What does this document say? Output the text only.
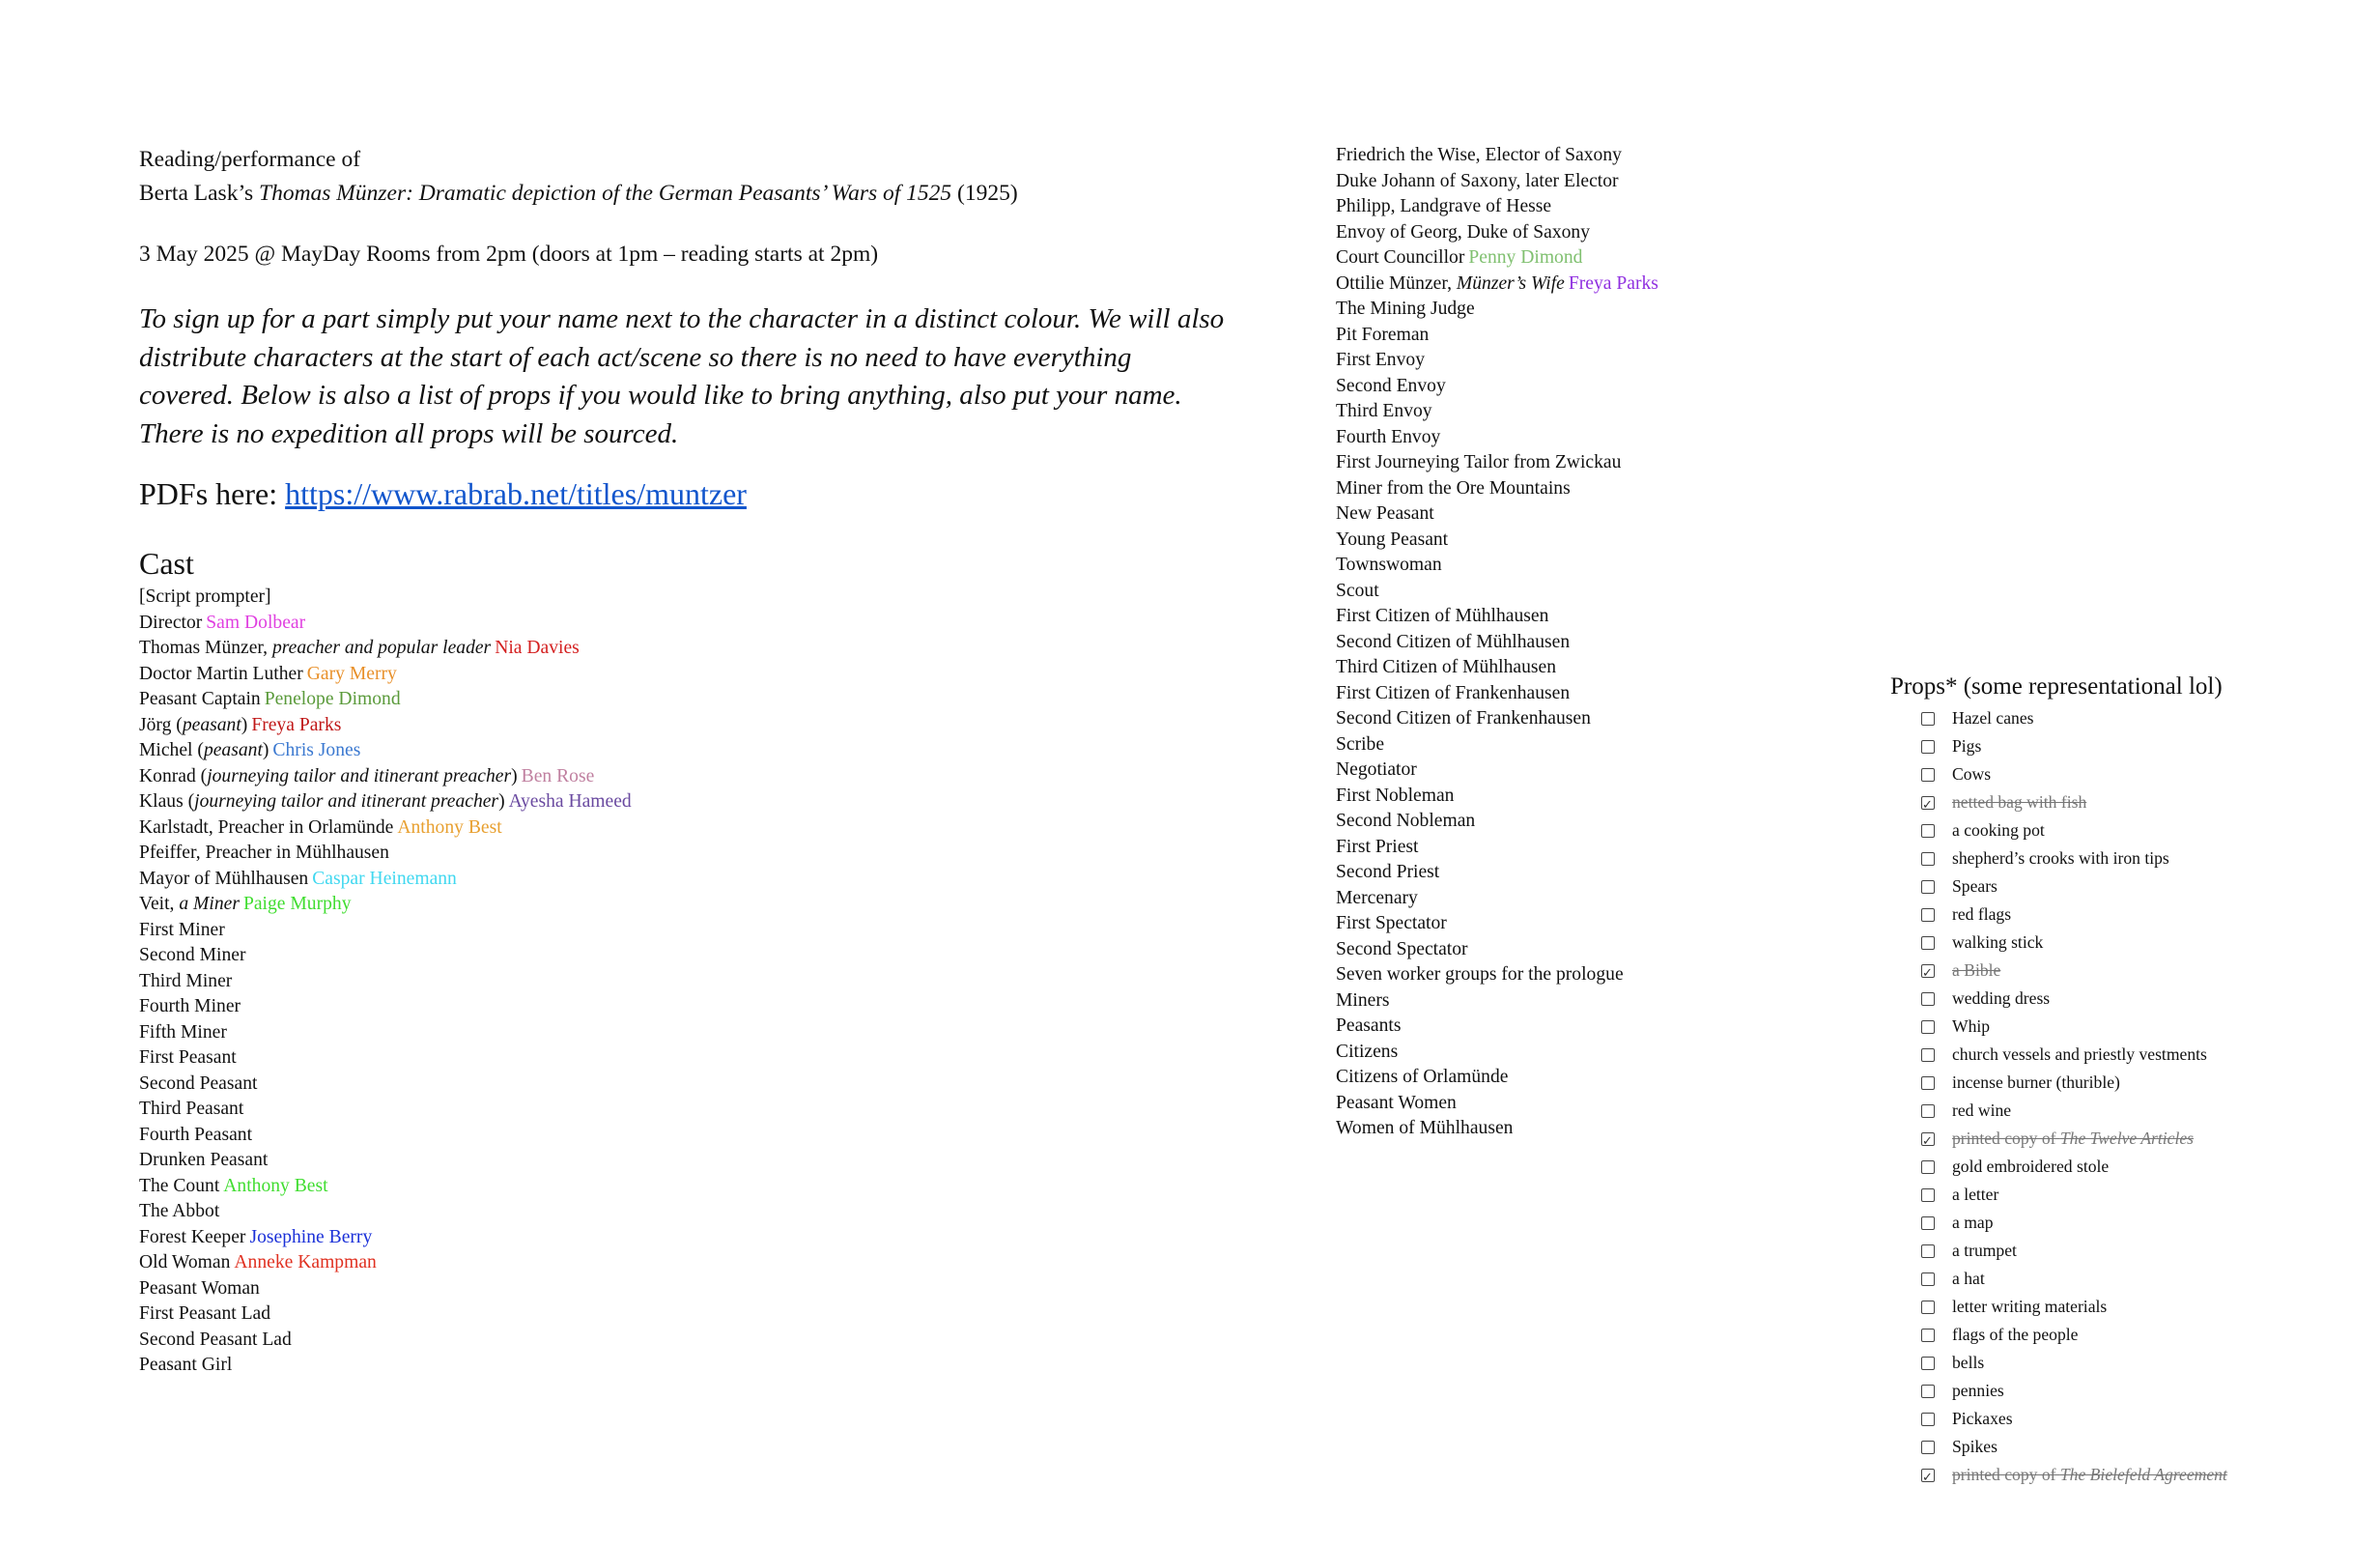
Reading/performance of
Berta Lask’s Thomas Münzer: Dramatic depiction of the German Peasants’ Wars of 1525 (1925)
3 May 2025 @ MayDay Rooms from 2pm (doors at 1pm – reading starts at 2pm)
To sign up for a part simply put your name next to the character in a distinct colour. We will also distribute characters at the start of each act/scene so there is no need to have everything covered. Below is also a list of props if you would like to bring anything, also put your name. There is no expedition all props will be sourced.
PDFs here: https://www.rabrab.net/titles/muntzer
Cast
[Script prompter]
Director Sam Dolbear
Thomas Münzer, preacher and popular leader Nia Davies
Doctor Martin Luther Gary Merry
Peasant Captain Penelope Dimond
Jörg (peasant) Freya Parks
Michel (peasant) Chris Jones
Konrad (journeying tailor and itinerant preacher) Ben Rose
Klaus (journeying tailor and itinerant preacher) Ayesha Hameed
Karlstadt, Preacher in Orlamünde Anthony Best
Pfeiffer, Preacher in Mühlhausen
Mayor of Mühlhausen Caspar Heinemann
Veit, a Miner Paige Murphy
First Miner
Second Miner
Third Miner
Fourth Miner
Fifth Miner
First Peasant
Second Peasant
Third Peasant
Fourth Peasant
Drunken Peasant
The Count Anthony Best
The Abbot
Forest Keeper Josephine Berry
Old Woman Anneke Kampman
Peasant Woman
First Peasant Lad
Second Peasant Lad
Peasant Girl
Friedrich the Wise, Elector of Saxony
Duke Johann of Saxony, later Elector
Philipp, Landgrave of Hesse
Envoy of Georg, Duke of Saxony
Court Councillor Penny Dimond
Ottilie Münzer, Münzer’s Wife Freya Parks
The Mining Judge
Pit Foreman
First Envoy
Second Envoy
Third Envoy
Fourth Envoy
First Journeying Tailor from Zwickau
Miner from the Ore Mountains
New Peasant
Young Peasant
Townswoman
Scout
First Citizen of Mühlhausen
Second Citizen of Mühlhausen
Third Citizen of Mühlhausen
First Citizen of Frankenhausen
Second Citizen of Frankenhausen
Scribe
Negotiator
First Nobleman
Second Nobleman
First Priest
Second Priest
Mercenary
First Spectator
Second Spectator
Seven worker groups for the prologue
Miners
Peasants
Citizens
Citizens of Orlamünde
Peasant Women
Women of Mühlhausen
Props* (some representational lol)
Hazel canes
Pigs
Cows
✓
netted bag with fish
a cooking pot
shepherd’s crooks with iron tips
Spears
red flags
walking stick
✓
a Bible
wedding dress
Whip
church vessels and priestly vestments
incense burner (thurible)
red wine
✓
printed copy of The Twelve Articles
gold embroidered stole
a letter
a map
a trumpet
a hat
letter writing materials
flags of the people
bells
pennies
Pickaxes
Spikes
✓
printed copy of The Bielefeld Agreement
